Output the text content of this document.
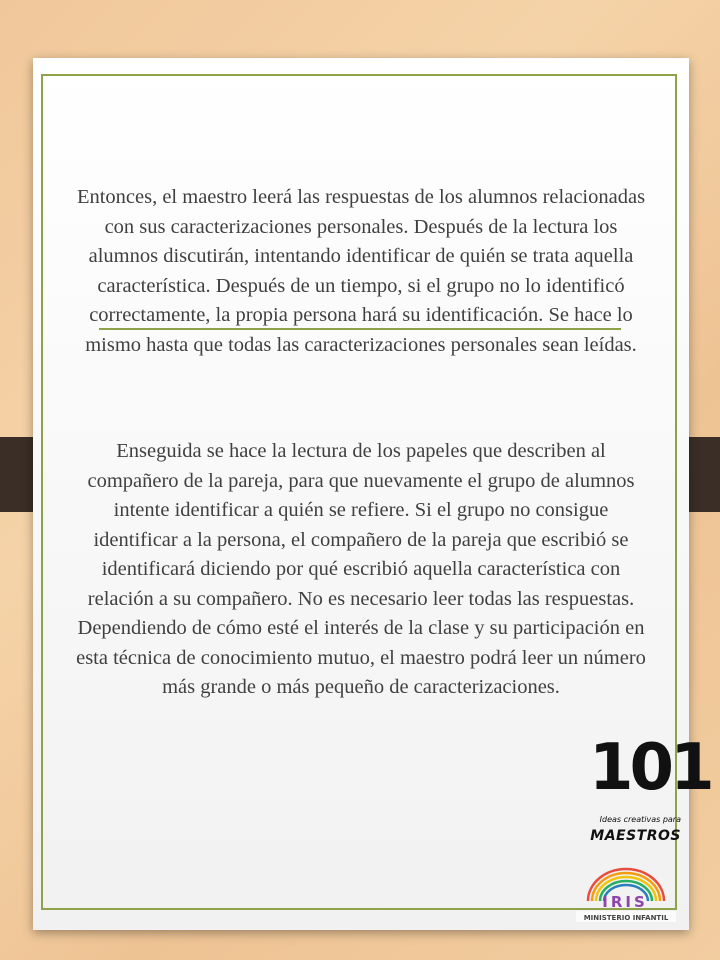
Entonces, el maestro leerá las respuestas de los alumnos relacionadas con sus caracterizaciones personales. Después de la lectura los alumnos discutirán, intentando identificar de quién se trata aquella característica. Después de un tiempo, si el grupo no lo identificó correctamente, la propia persona hará su identificación. Se hace lo mismo hasta que todas las caracterizaciones personales sean leídas.

Enseguida se hace la lectura de los papeles que describen al compañero de la pareja, para que nuevamente el grupo de alumnos intente identificar a quién se refiere. Si el grupo no consigue identificar a la persona, el compañero de la pareja que escribió se identificará diciendo por qué escribió aquella característica con relación a su compañero. No es necesario leer todas las respuestas. Dependiendo de cómo esté el interés de la clase y su participación en esta técnica de conocimiento mutuo, el maestro podrá leer un número más grande o más pequeño de caracterizaciones.

101

Ideas creativas para

MAESTROS

IRIS
MINISTERIO INFANTIL
